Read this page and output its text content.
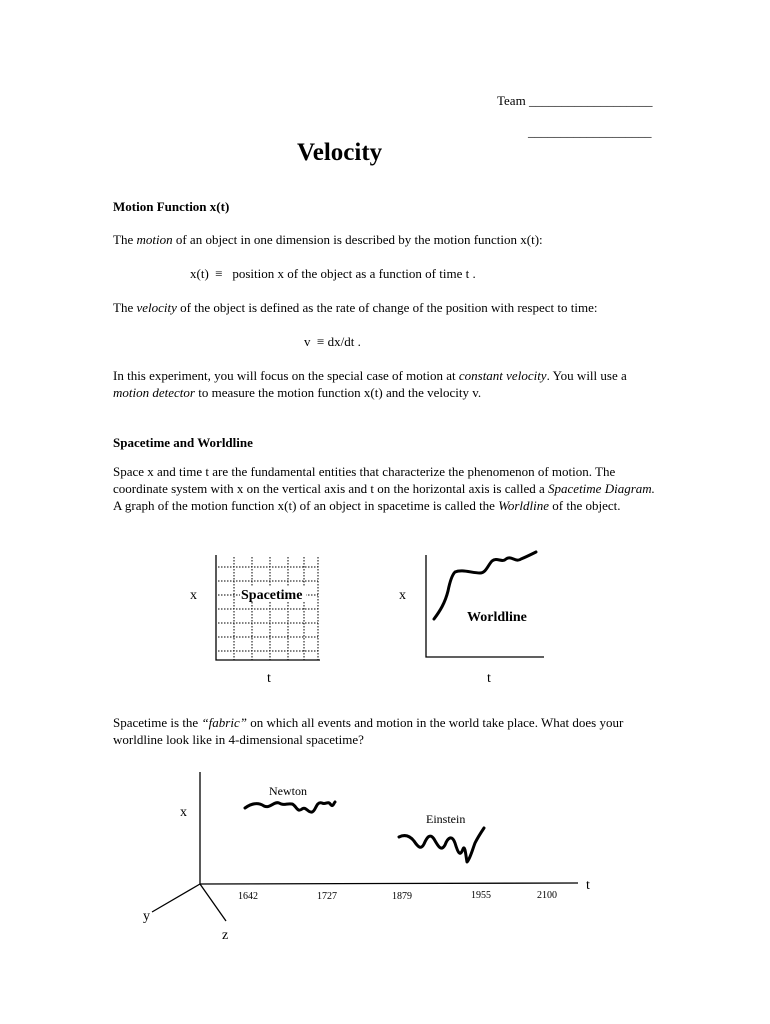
Team ___________________
___________________
Velocity
Motion Function x(t)
The motion of an object in one dimension is described by the motion function x(t):
x(t) ≡ position x of the object as a function of time t .
The velocity of the object is defined as the rate of change of the position with respect to time:
v ≡ dx/dt .
In this experiment, you will focus on the special case of motion at constant velocity. You will use a motion detector to measure the motion function x(t) and the velocity v.
Spacetime and Worldline
Space x and time t are the fundamental entities that characterize the phenomenon of motion. The coordinate system with x on the vertical axis and t on the horizontal axis is called a Spacetime Diagram. A graph of the motion function x(t) of an object in spacetime is called the Worldline of the object.
Spacetime
x
t
Worldline
x
t
Spacetime is the “fabric” on which all events and motion in the world take place. What does your worldline look like in 4-dimensional spacetime?
x
y
z
t
1642	1727	1879	1955	2100
Newton
Einstein
